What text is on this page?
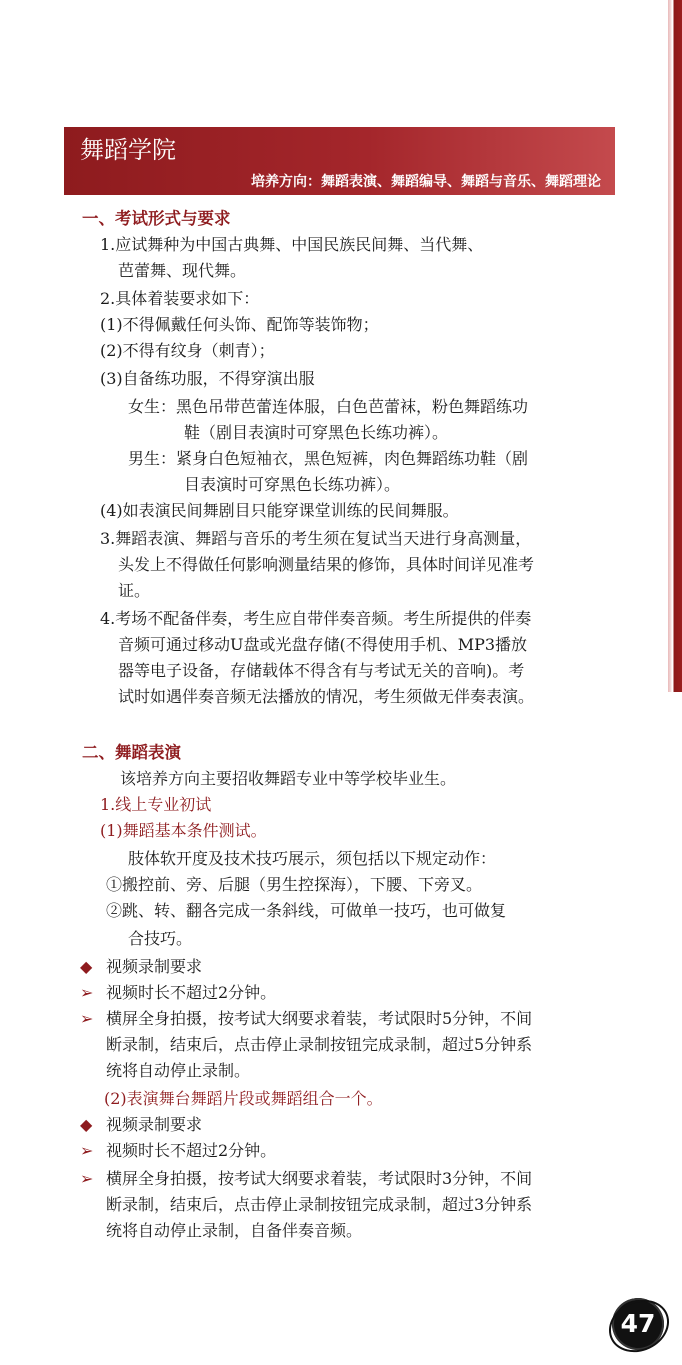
舞蹈学院
培养方向：舞蹈表演、舞蹈编导、舞蹈与音乐、舞蹈理论
一、考试形式与要求
1.应试舞种为中国古典舞、中国民族民间舞、当代舞、
芭蕾舞、现代舞。
2.具体着装要求如下：
(1)不得佩戴任何头饰、配饰等装饰物；
(2)不得有纹身（刺青）；
(3)自备练功服，不得穿演出服
女生：黑色吊带芭蕾连体服，白色芭蕾袜，粉色舞蹈练功
鞋（剧目表演时可穿黑色长练功裤）。
男生：紧身白色短袖衣，黑色短裤，肉色舞蹈练功鞋（剧
目表演时可穿黑色长练功裤）。
(4)如表演民间舞剧目只能穿课堂训练的民间舞服。
3.舞蹈表演、舞蹈与音乐的考生须在复试当天进行身高测量，
头发上不得做任何影响测量结果的修饰，具体时间详见准考
证。
4.考场不配备伴奏，考生应自带伴奏音频。考生所提供的伴奏
音频可通过移动U盘或光盘存储(不得使用手机、MP3播放
器等电子设备，存储载体不得含有与考试无关的音响)。考
试时如遇伴奏音频无法播放的情况，考生须做无伴奏表演。
二、舞蹈表演
该培养方向主要招收舞蹈专业中等学校毕业生。
1.线上专业初试
(1)舞蹈基本条件测试。
肢体软开度及技术技巧展示，须包括以下规定动作：
①搬控前、旁、后腿（男生控探海），下腰、下旁叉。
②跳、转、翻各完成一条斜线，可做单一技巧，也可做复
合技巧。
◆ 视频录制要求
➢ 视频时长不超过2分钟。
➢ 横屏全身拍摄，按考试大纲要求着装，考试限时5分钟，不间
断录制，结束后，点击停止录制按钮完成录制，超过5分钟系
统将自动停止录制。
(2)表演舞台舞蹈片段或舞蹈组合一个。
◆ 视频录制要求
➢ 视频时长不超过2分钟。
➢ 横屏全身拍摄，按考试大纲要求着装，考试限时3分钟，不间
断录制，结束后，点击停止录制按钮完成录制，超过3分钟系
统将自动停止录制，自备伴奏音频。
47
